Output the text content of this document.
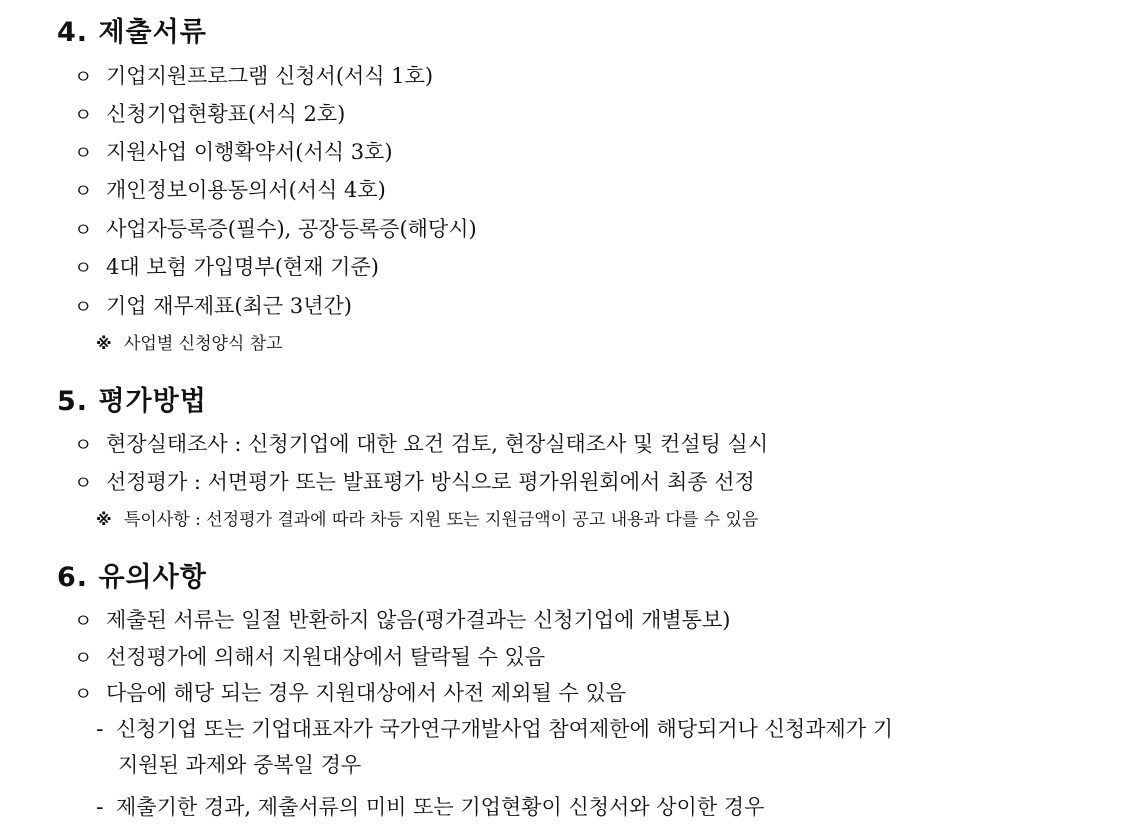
4. 제출서류
ㅇ 기업지원프로그램 신청서(서식 1호)
ㅇ 신청기업현황표(서식 2호)
ㅇ 지원사업 이행확약서(서식 3호)
ㅇ 개인정보이용동의서(서식 4호)
ㅇ 사업자등록증(필수), 공장등록증(해당시)
ㅇ 4대 보험 가입명부(현재 기준)
ㅇ 기업 재무제표(최근 3년간)
※ 사업별 신청양식 참고
5. 평가방법
ㅇ 현장실태조사 : 신청기업에 대한 요건 검토, 현장실태조사 및 컨설팅 실시
ㅇ 선정평가 : 서면평가 또는 발표평가 방식으로 평가위원회에서 최종 선정
※ 특이사항 : 선정평가 결과에 따라 차등 지원 또는 지원금액이 공고 내용과 다를 수 있음
6. 유의사항
ㅇ 제출된 서류는 일절 반환하지 않음(평가결과는 신청기업에 개별통보)
ㅇ 선정평가에 의해서 지원대상에서 탈락될 수 있음
ㅇ 다음에 해당 되는 경우 지원대상에서 사전 제외될 수 있음
- 신청기업 또는 기업대표자가 국가연구개발사업 참여제한에 해당되거나 신청과제가 기
지원된 과제와 중복일 경우
- 제출기한 경과, 제출서류의 미비 또는 기업현황이 신청서와 상이한 경우
